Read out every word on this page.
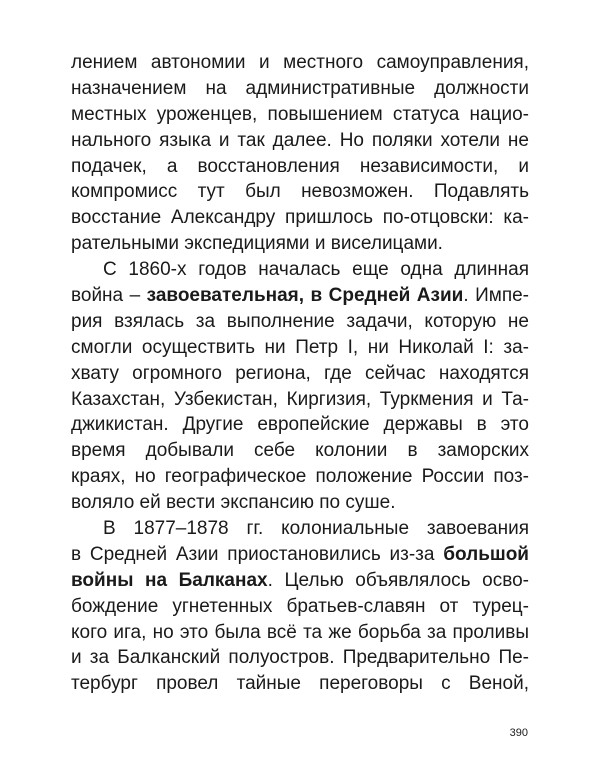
лением автономии и местного самоуправления,
назначением на административные должности
местных уроженцев, повышением статуса нацио-
нального языка и так далее. Но поляки хотели не
подачек, а восстановления независимости, и
компромисс тут был невозможен. Подавлять
восстание Александру пришлось по-отцовски: ка-
рательными экспедициями и виселицами.
С 1860-х годов началась еще одна длинная
война – завоевательная, в Средней Азии. Импе-
рия взялась за выполнение задачи, которую не
смогли осуществить ни Петр I, ни Николай I: за-
хвату огромного региона, где сейчас находятся
Казахстан, Узбекистан, Киргизия, Туркмения и Та-
джикистан. Другие европейские державы в это
время добывали себе колонии в заморских
краях, но географическое положение России поз-
воляло ей вести экспансию по суше.
В 1877–1878 гг. колониальные завоевания
в Средней Азии приостановились из-за большой
войны на Балканах. Целью объявлялось осво-
бождение угнетенных братьев-славян от турец-
кого ига, но это была всё та же борьба за проливы
и за Балканский полуостров. Предварительно Пе-
тербург провел тайные переговоры с Веной,
390
